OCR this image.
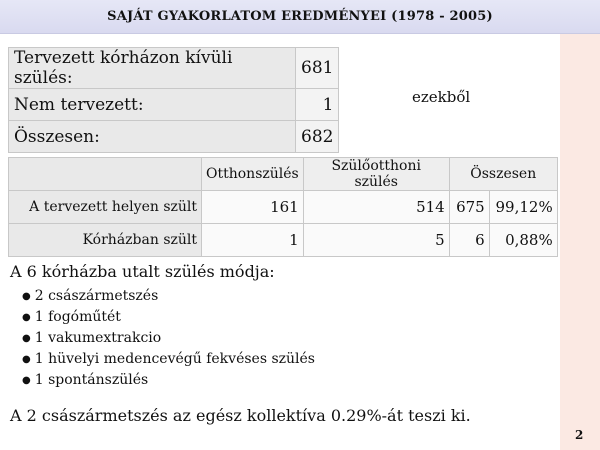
SAJÁT GYAKORLATOM EREDMÉNYEI (1978 - 2005)
2
Tervezett kórházon kívüli szülés:	681
Nem tervezett:	1
Összesen:	682
ezekből
	Otthonszülés	Szülőotthoni szülés	Összesen	
A tervezett helyen szült	161	514	675	99,12%
Kórházban szült	1	5	6	0,88%
A 6 kórházba utalt szülés módja:
● 2 császármetszés
● 1 fogóműtét
● 1 vakumextrakcio
● 1 hüvelyi medencevégű fekvéses szülés
● 1 spontánszülés
A 2 császármetszés az egész kollektíva 0.29%-át teszi ki.
